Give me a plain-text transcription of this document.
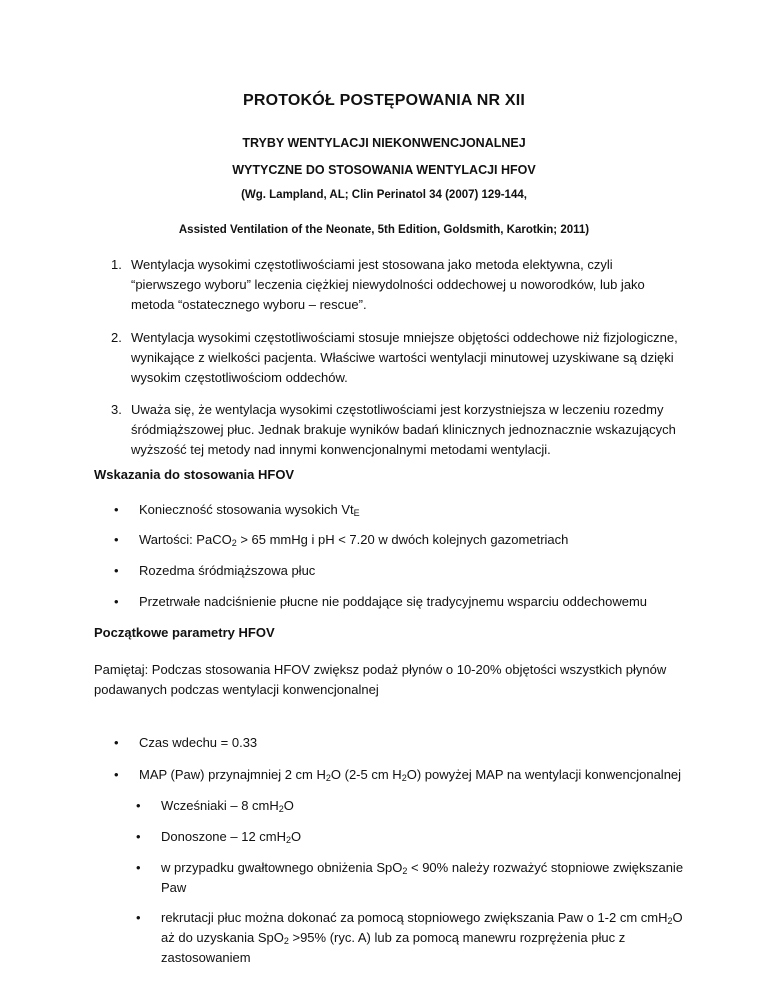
PROTOKÓŁ POSTĘPOWANIA NR XII
TRYBY WENTYLACJI NIEKONWENCJONALNEJ
WYTYCZNE DO STOSOWANIA WENTYLACJI HFOV
(Wg. Lampland, AL; Clin Perinatol 34 (2007) 129-144,
Assisted Ventilation of the Neonate, 5th Edition, Goldsmith, Karotkin; 2011)
1. Wentylacja wysokimi częstotliwościami jest stosowana jako metoda elektywna, czyli “pierwszego wyboru” leczenia ciężkiej niewydolności oddechowej u noworodków, lub jako metoda “ostatecznego wyboru – rescue”.
2. Wentylacja wysokimi częstotliwościami stosuje mniejsze objętości oddechowe niż fizjologiczne, wynikające z wielkości pacjenta. Właściwe wartości wentylacji minutowej uzyskiwane są dzięki wysokim częstotliwościom oddechów.
3. Uważa się, że wentylacja wysokimi częstotliwościami jest korzystniejsza w leczeniu rozedmy śródmiąższowej płuc. Jednak brakuje wyników badań klinicznych jednoznacznie wskazujących wyższość tej metody nad innymi konwencjonalnymi metodami wentylacji.
Wskazania do stosowania HFOV
• Konieczność stosowania wysokich $Vt_E$
• Wartości: PaCO$_2$ > 65 mmHg i pH < 7.20 w dwóch kolejnych gazometriach
• Rozedma śródmiąższowa płuc
• Przetrwałe nadciśnienie płucne nie poddające się tradycyjnemu wsparciu oddechowemu
Początkowe parametry HFOV
Pamiętaj: Podczas stosowania HFOV zwiększ podaż płynów o 10-20% objętości wszystkich płynów podawanych podczas wentylacji konwencjonalnej
• Czas wdechu = 0.33
• MAP (Paw) przynajmniej 2 cm $H_2O$ (2-5 cm $H_2O$) powyżej MAP na wentylacji konwencjonalnej
• Wcześniaki – 8 cmH$_2$O
• Donoszone – 12 cmH$_2$O
• w przypadku gwałtownego obniżenia SpO$_2$ < 90% należy rozważyć stopniowe zwiększanie Paw
• rekrutacji płuc można dokonać za pomocą stopniowego zwiększania Paw o 1-2 cm cmH$_2$O aż do uzyskania SpO$_2$ >95% (ryc. A) lub za pomocą manewru rozprężenia płuc z zastosowaniem
